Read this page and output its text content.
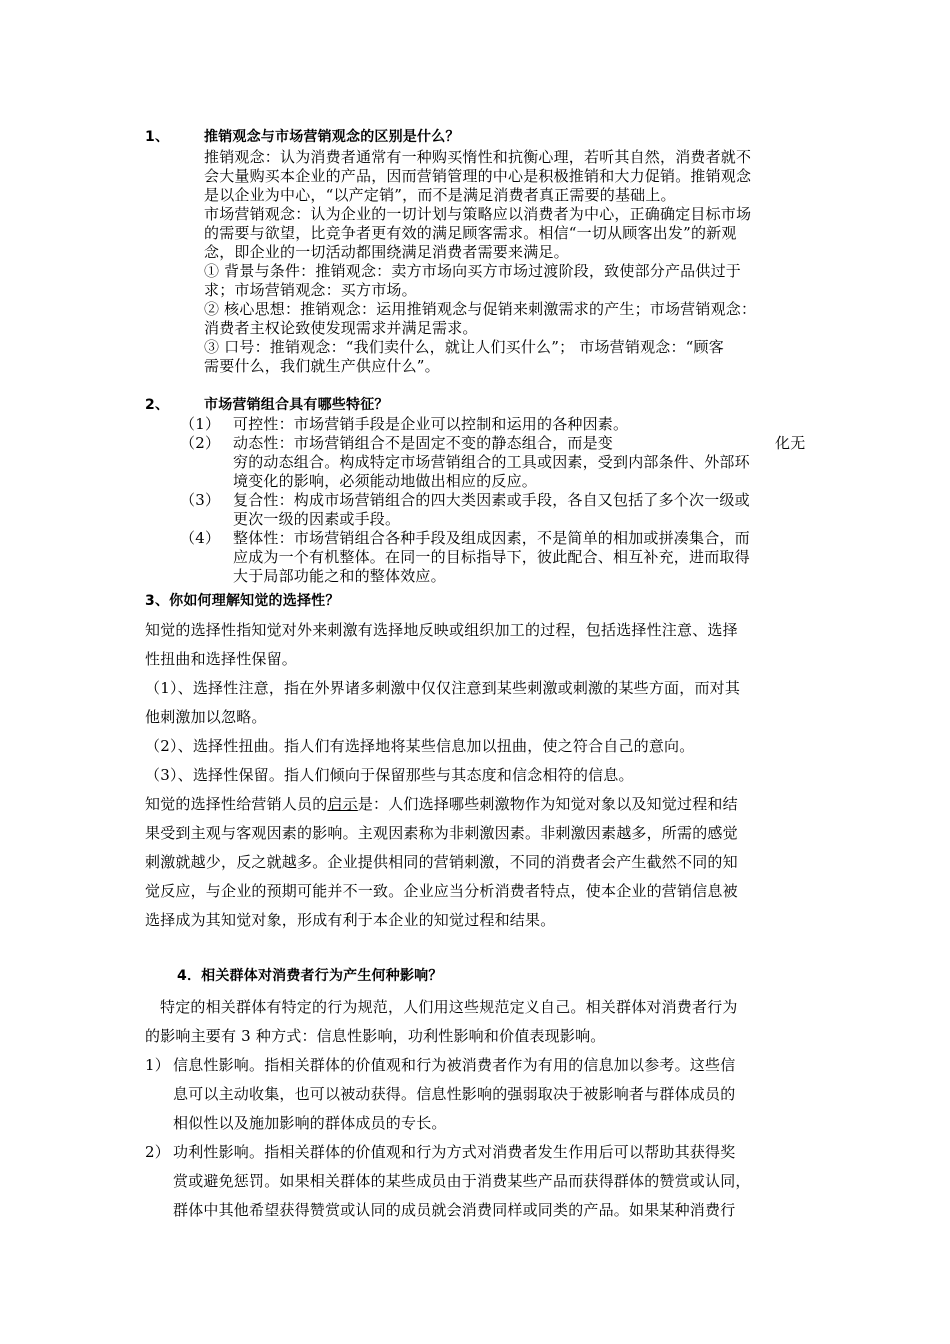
1、 推销观念与市场营销观念的区别是什么？
推销观念：认为消费者通常有一种购买惰性和抗衡心理，若听其自然，消费者就不
会大量购买本企业的产品，因而营销管理的中心是积极推销和大力促销。推销观念
是以企业为中心，“以产定销”，而不是满足消费者真正需要的基础上。
市场营销观念：认为企业的一切计划与策略应以消费者为中心，正确确定目标市场
的需要与欲望，比竞争者更有效的满足顾客需求。相信“一切从顾客出发”的新观
念，即企业的一切活动都围绕满足消费者需要来满足。
① 背景与条件：推销观念：卖方市场向买方市场过渡阶段，致使部分产品供过于
求；市场营销观念：买方市场。
② 核心思想：推销观念：运用推销观念与促销来刺激需求的产生；市场营销观念：
消费者主权论致使发现需求并满足需求。
③ 口号：推销观念：“我们卖什么，就让人们买什么”； 市场营销观念：“顾客
需要什么，我们就生产供应什么”。
2、 市场营销组合具有哪些特征？
（1） 可控性：市场营销手段是企业可以控制和运用的各种因素。
（2） 动态性：市场营销组合不是固定不变的静态组合，而是变	化无
穷的动态组合。构成特定市场营销组合的工具或因素，受到内部条件、外部环
境变化的影响，必须能动地做出相应的反应。
（3） 复合性：构成市场营销组合的四大类因素或手段，各自又包括了多个次一级或
更次一级的因素或手段。
（4） 整体性：市场营销组合各种手段及组成因素，不是简单的相加或拼凑集合，而
应成为一个有机整体。在同一的目标指导下，彼此配合、相互补充，进而取得
大于局部功能之和的整体效应。
3、你如何理解知觉的选择性？
知觉的选择性指知觉对外来刺激有选择地反映或组织加工的过程，包括选择性注意、选择
性扭曲和选择性保留。
（1）、选择性注意，指在外界诸多刺激中仅仅注意到某些刺激或刺激的某些方面，而对其
他刺激加以忽略。
（2）、选择性扭曲。指人们有选择地将某些信息加以扭曲，使之符合自己的意向。
（3）、选择性保留。指人们倾向于保留那些与其态度和信念相符的信息。
知觉的选择性给营销人员的启示是：人们选择哪些刺激物作为知觉对象以及知觉过程和结
果受到主观与客观因素的影响。主观因素称为非刺激因素。非刺激因素越多，所需的感觉
刺激就越少，反之就越多。企业提供相同的营销刺激，不同的消费者会产生截然不同的知
觉反应，与企业的预期可能并不一致。企业应当分析消费者特点，使本企业的营销信息被
选择成为其知觉对象，形成有利于本企业的知觉过程和结果。
4．相关群体对消费者行为产生何种影响？
特定的相关群体有特定的行为规范，人们用这些规范定义自己。相关群体对消费者行为
的影响主要有 3 种方式：信息性影响，功利性影响和价值表现影响。
1） 信息性影响。指相关群体的价值观和行为被消费者作为有用的信息加以参考。这些信
息可以主动收集，也可以被动获得。信息性影响的强弱取决于被影响者与群体成员的
相似性以及施加影响的群体成员的专长。
2） 功利性影响。指相关群体的价值观和行为方式对消费者发生作用后可以帮助其获得奖
赏或避免惩罚。如果相关群体的某些成员由于消费某些产品而获得群体的赞赏或认同，
群体中其他希望获得赞赏或认同的成员就会消费同样或同类的产品。如果某种消费行
